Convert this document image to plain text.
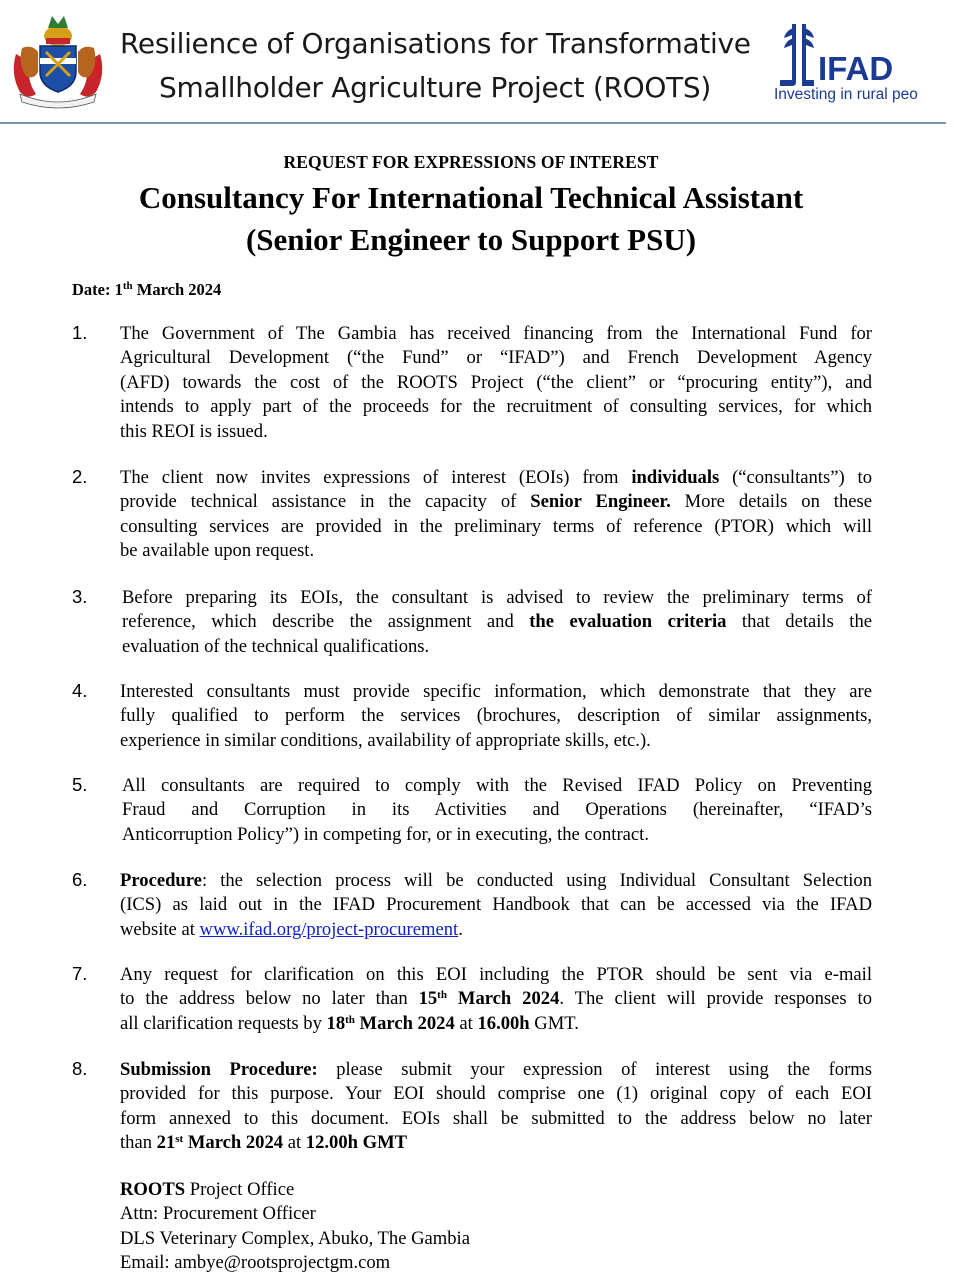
Resilience of Organisations for Transformative
Smallholder Agriculture Project (ROOTS)
IFAD
Investing in rural peo
REQUEST FOR EXPRESSIONS OF INTEREST
Consultancy For International Technical Assistant
(Senior Engineer to Support PSU)
Date: 1th March 2024
1. The Government of The Gambia has received financing from the International Fund for
Agricultural Development (“the Fund” or “IFAD”) and French Development Agency
(AFD) towards the cost of the ROOTS Project (“the client” or “procuring entity”), and
intends to apply part of the proceeds for the recruitment of consulting services, for which
this REOI is issued.
2. The client now invites expressions of interest (EOIs) from individuals (“consultants”) to
provide technical assistance in the capacity of Senior Engineer. More details on these
consulting services are provided in the preliminary terms of reference (PTOR) which will
be available upon request.
3. Before preparing its EOIs, the consultant is advised to review the preliminary terms of
reference, which describe the assignment and the evaluation criteria that details the
evaluation of the technical qualifications.
4. Interested consultants must provide specific information, which demonstrate that they are
fully qualified to perform the services (brochures, description of similar assignments,
experience in similar conditions, availability of appropriate skills, etc.).
5. All consultants are required to comply with the Revised IFAD Policy on Preventing
Fraud and Corruption in its Activities and Operations (hereinafter, “IFAD’s
Anticorruption Policy”) in competing for, or in executing, the contract.
6. Procedure: the selection process will be conducted using Individual Consultant Selection
(ICS) as laid out in the IFAD Procurement Handbook that can be accessed via the IFAD
website at www.ifad.org/project-procurement.
7. Any request for clarification on this EOI including the PTOR should be sent via e-mail
to the address below no later than 15th March 2024. The client will provide responses to
all clarification requests by 18th March 2024 at 16.00h GMT.
8. Submission Procedure: please submit your expression of interest using the forms
provided for this purpose. Your EOI should comprise one (1) original copy of each EOI
form annexed to this document. EOIs shall be submitted to the address below no later
than 21st March 2024 at 12.00h GMT
ROOTS Project Office
Attn: Procurement Officer
DLS Veterinary Complex, Abuko, The Gambia
Email: ambye@rootsprojectgm.com
